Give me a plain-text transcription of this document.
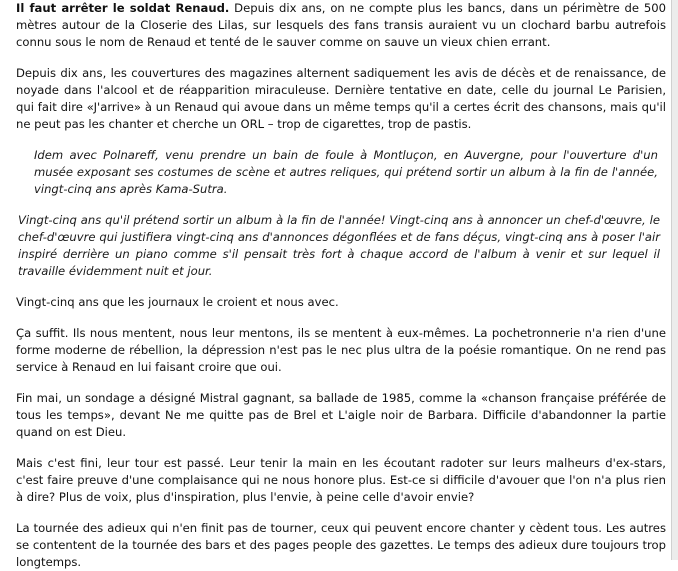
Il faut arrêter le soldat Renaud. Depuis dix ans, on ne compte plus les bancs, dans un périmètre de 500 mètres autour de la Closerie des Lilas, sur lesquels des fans transis auraient vu un clochard barbu autrefois connu sous le nom de Renaud et tenté de le sauver comme on sauve un vieux chien errant.

Depuis dix ans, les couvertures des magazines alternent sadiquement les avis de décès et de renaissance, de noyade dans l'alcool et de réapparition miraculeuse. Dernière tentative en date, celle du journal Le Parisien, qui fait dire «J'arrive» à un Renaud qui avoue dans un même temps qu'il a certes écrit des chansons, mais qu'il ne peut pas les chanter et cherche un ORL – trop de cigarettes, trop de pastis.

Idem avec Polnareff, venu prendre un bain de foule à Montluçon, en Auvergne, pour l'ouverture d'un musée exposant ses costumes de scène et autres reliques, qui prétend sortir un album à la fin de l'année, vingt-cinq ans après Kama-Sutra.

Vingt-cinq ans qu'il prétend sortir un album à la fin de l'année! Vingt-cinq ans à annoncer un chef-d'œuvre, le chef-d'œuvre qui justifiera vingt-cinq ans d'annonces dégonflées et de fans déçus, vingt-cinq ans à poser l'air inspiré derrière un piano comme s'il pensait très fort à chaque accord de l'album à venir et sur lequel il travaille évidemment nuit et jour.

Vingt-cinq ans que les journaux le croient et nous avec.

Ça suffit. Ils nous mentent, nous leur mentons, ils se mentent à eux-mêmes. La pochetronnerie n'a rien d'une forme moderne de rébellion, la dépression n'est pas le nec plus ultra de la poésie romantique. On ne rend pas service à Renaud en lui faisant croire que oui.

Fin mai, un sondage a désigné Mistral gagnant, sa ballade de 1985, comme la «chanson française préférée de tous les temps», devant Ne me quitte pas de Brel et L'aigle noir de Barbara. Difficile d'abandonner la partie quand on est Dieu.

Mais c'est fini, leur tour est passé. Leur tenir la main en les écoutant radoter sur leurs malheurs d'ex-stars, c'est faire preuve d'une complaisance qui ne nous honore plus. Est-ce si difficile d'avouer que l'on n'a plus rien à dire? Plus de voix, plus d'inspiration, plus l'envie, à peine celle d'avoir envie?

La tournée des adieux qui n'en finit pas de tourner, ceux qui peuvent encore chanter y cèdent tous. Les autres se contentent de la tournée des bars et des pages people des gazettes. Le temps des adieux dure toujours trop longtemps.
